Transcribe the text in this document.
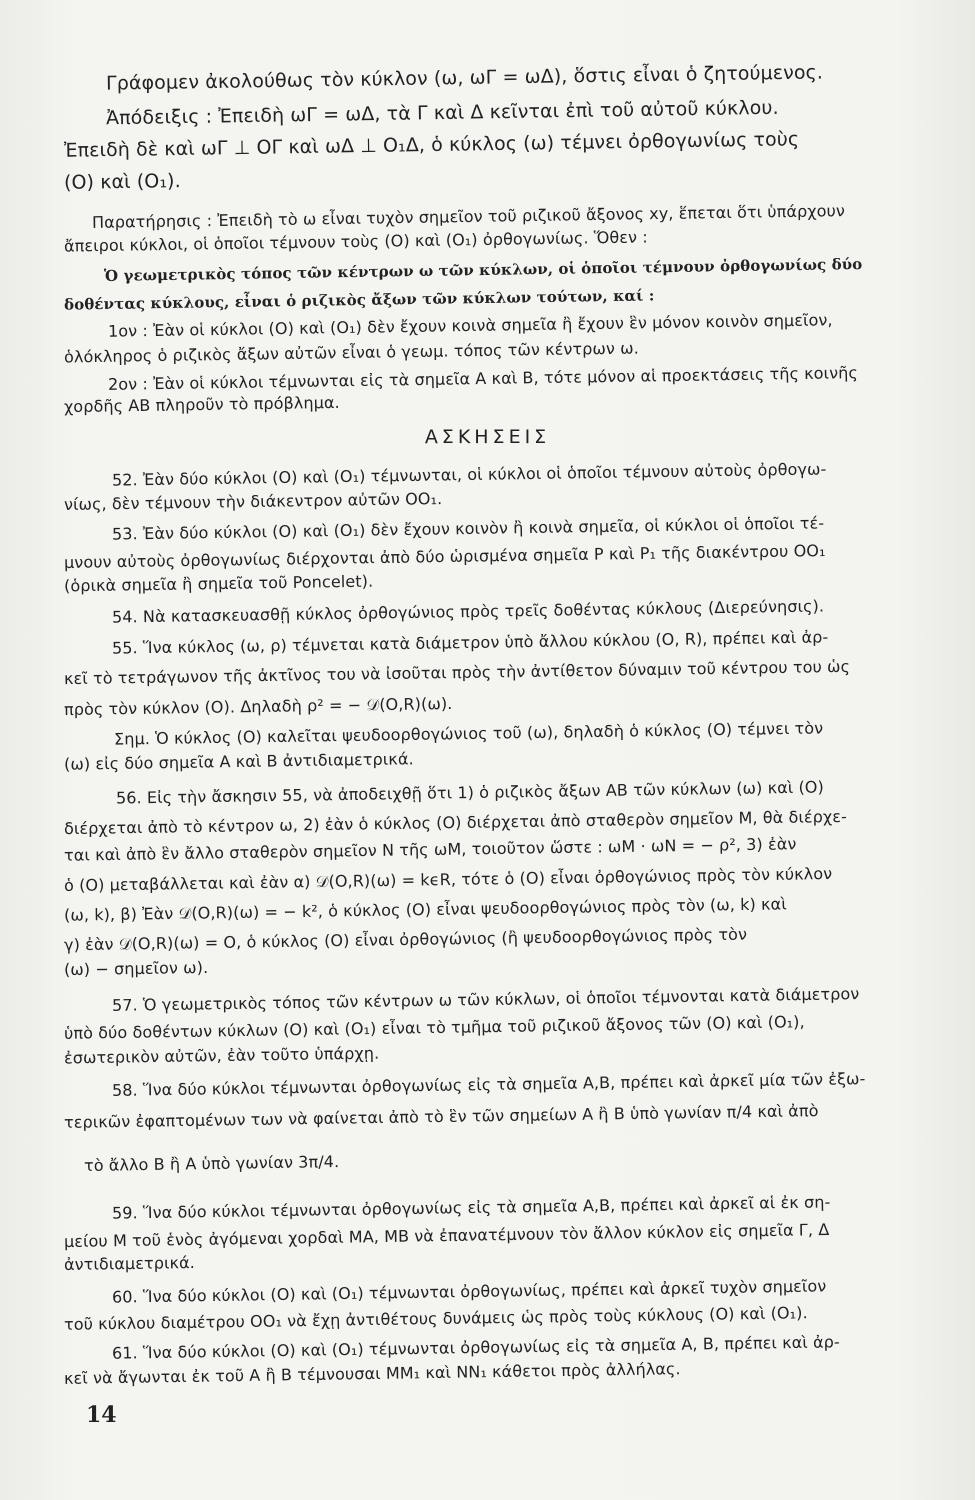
Γράφομεν ἀκολούθως τὸν κύκλον (ω, ωΓ = ωΔ), ὅστις εἶναι ὁ ζητούμενος.
Ἀπόδειξις : Ἐπειδὴ ωΓ = ωΔ, τὰ Γ καὶ Δ κεῖνται ἐπὶ τοῦ αὐτοῦ κύκλου.
Ἐπειδὴ δὲ καὶ ωΓ ⊥ ΟΓ καὶ ωΔ ⊥ Ο₁Δ, ὁ κύκλος (ω) τέμνει ὀρθογωνίως τοὺς
(Ο) καὶ (Ο₁).
Παρατήρησις : Ἐπειδὴ τὸ ω εἶναι τυχὸν σημεῖον τοῦ ριζικοῦ ἄξονος xy, ἕπεται ὅτι ὑπάρχουν
ἄπειροι κύκλοι, οἱ ὁποῖοι τέμνουν τοὺς (Ο) καὶ (Ο₁) ὀρθογωνίως. Ὅθεν :
Ὁ γεωμετρικὸς τόπος τῶν κέντρων ω τῶν κύκλων, οἱ ὁποῖοι τέμνουν ὀρθογωνίως δύο
δοθέντας κύκλους, εἶναι ὁ ριζικὸς ἄξων τῶν κύκλων τούτων, καί :
1ον : Ἐὰν οἱ κύκλοι (Ο) καὶ (Ο₁) δὲν ἔχουν κοινὰ σημεῖα ἢ ἔχουν ἓν μόνον κοινὸν σημεῖον,
ὁλόκληρος ὁ ριζικὸς ἄξων αὐτῶν εἶναι ὁ γεωμ. τόπος τῶν κέντρων ω.
2ον : Ἐὰν οἱ κύκλοι τέμνωνται εἰς τὰ σημεῖα Α καὶ Β, τότε μόνον αἱ προεκτάσεις τῆς κοινῆς
χορδῆς ΑΒ πληροῦν τὸ πρόβλημα.
ΑΣΚΗΣΕΙΣ
52. Ἐὰν δύο κύκλοι (Ο) καὶ (Ο₁) τέμνωνται, οἱ κύκλοι οἱ ὁποῖοι τέμνουν αὐτοὺς ὀρθογω-
νίως, δὲν τέμνουν τὴν διάκεντρον αὐτῶν ΟΟ₁.
53. Ἐὰν δύο κύκλοι (Ο) καὶ (Ο₁) δὲν ἔχουν κοινὸν ἢ κοινὰ σημεῖα, οἱ κύκλοι οἱ ὁποῖοι τέ-
μνουν αὐτοὺς ὀρθογωνίως διέρχονται ἀπὸ δύο ὡρισμένα σημεῖα Ρ καὶ Ρ₁ τῆς διακέντρου ΟΟ₁
(ὁρικὰ σημεῖα ἢ σημεῖα τοῦ Poncelet).
54. Νὰ κατασκευασθῇ κύκλος ὀρθογώνιος πρὸς τρεῖς δοθέντας κύκλους (Διερεύνησις).
55. Ἵνα κύκλος (ω, ρ) τέμνεται κατὰ διάμετρον ὑπὸ ἄλλου κύκλου (Ο, R), πρέπει καὶ ἀρ-
κεῖ τὸ τετράγωνον τῆς ἀκτῖνος του νὰ ἰσοῦται πρὸς τὴν ἀντίθετον δύναμιν τοῦ κέντρου του ὡς
πρὸς τὸν κύκλον (Ο). Δηλαδὴ ρ² = − 𝒟(Ο,R)(ω).
Σημ. Ὁ κύκλος (Ο) καλεῖται ψευδοορθογώνιος τοῦ (ω), δηλαδὴ ὁ κύκλος (Ο) τέμνει τὸν
(ω) εἰς δύο σημεῖα Α καὶ Β ἀντιδιαμετρικά.
56. Εἰς τὴν ἄσκησιν 55, νὰ ἀποδειχθῇ ὅτι 1) ὁ ριζικὸς ἄξων ΑΒ τῶν κύκλων (ω) καὶ (Ο)
διέρχεται ἀπὸ τὸ κέντρον ω, 2) ἐὰν ὁ κύκλος (Ο) διέρχεται ἀπὸ σταθερὸν σημεῖον Μ, θὰ διέρχε-
ται καὶ ἀπὸ ἓν ἄλλο σταθερὸν σημεῖον Ν τῆς ωΜ, τοιοῦτον ὥστε : ωΜ · ωΝ = − ρ², 3) ἐὰν
ὁ (Ο) μεταβάλλεται καὶ ἐὰν α) 𝒟(Ο,R)(ω) = kϵR, τότε ὁ (Ο) εἶναι ὀρθογώνιος πρὸς τὸν κύκλον
(ω, k), β) Ἐὰν 𝒟(Ο,R)(ω) = − k², ὁ κύκλος (Ο) εἶναι ψευδοορθογώνιος πρὸς τὸν (ω, k) καὶ
γ) ἐὰν 𝒟(Ο,R)(ω) = Ο, ὁ κύκλος (Ο) εἶναι ὀρθογώνιος (ἢ ψευδοορθογώνιος πρὸς τὸν
(ω) − σημεῖον ω).
57. Ὁ γεωμετρικὸς τόπος τῶν κέντρων ω τῶν κύκλων, οἱ ὁποῖοι τέμνονται κατὰ διάμετρον
ὑπὸ δύο δοθέντων κύκλων (Ο) καὶ (Ο₁) εἶναι τὸ τμῆμα τοῦ ριζικοῦ ἄξονος τῶν (Ο) καὶ (Ο₁),
ἐσωτερικὸν αὐτῶν, ἐὰν τοῦτο ὑπάρχῃ.
58. Ἵνα δύο κύκλοι τέμνωνται ὀρθογωνίως εἰς τὰ σημεῖα Α,Β, πρέπει καὶ ἀρκεῖ μία τῶν ἐξω-
τερικῶν ἐφαπτομένων των νὰ φαίνεται ἀπὸ τὸ ἓν τῶν σημείων Α ἢ Β ὑπὸ γωνίαν π/4 καὶ ἀπὸ
τὸ ἄλλο Β ἢ Α ὑπὸ γωνίαν 3π/4.
59. Ἵνα δύο κύκλοι τέμνωνται ὀρθογωνίως εἰς τὰ σημεῖα Α,Β, πρέπει καὶ ἀρκεῖ αἱ ἐκ ση-
μείου Μ τοῦ ἑνὸς ἀγόμεναι χορδαὶ ΜΑ, ΜΒ νὰ ἐπανατέμνουν τὸν ἄλλον κύκλον εἰς σημεῖα Γ, Δ
ἀντιδιαμετρικά.
60. Ἵνα δύο κύκλοι (Ο) καὶ (Ο₁) τέμνωνται ὀρθογωνίως, πρέπει καὶ ἀρκεῖ τυχὸν σημεῖον
τοῦ κύκλου διαμέτρου ΟΟ₁ νὰ ἔχῃ ἀντιθέτους δυνάμεις ὡς πρὸς τοὺς κύκλους (Ο) καὶ (Ο₁).
61. Ἵνα δύο κύκλοι (Ο) καὶ (Ο₁) τέμνωνται ὀρθογωνίως εἰς τὰ σημεῖα Α, Β, πρέπει καὶ ἀρ-
κεῖ νὰ ἄγωνται ἐκ τοῦ Α ἢ Β τέμνουσαι ΜΜ₁ καὶ ΝΝ₁ κάθετοι πρὸς ἀλλήλας.
14
